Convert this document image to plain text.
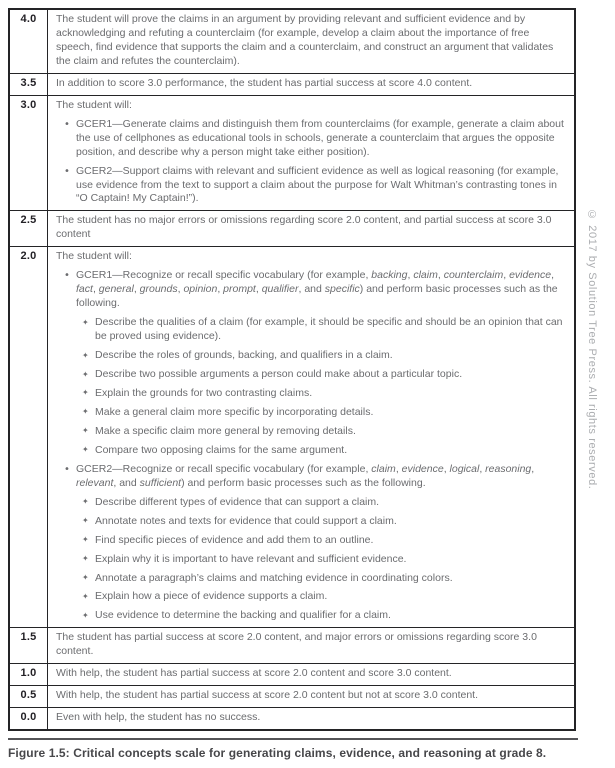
4.0	The student will prove the claims in an argument by providing relevant and sufficient evidence and by acknowledging and refuting a counterclaim (for example, develop a claim about the importance of free speech, find evidence that supports the claim and a counterclaim, and construct an argument that validates the claim and refutes the counterclaim).
3.5	In addition to score 3.0 performance, the student has partial success at score 4.0 content.
3.0	The student will:
• GCER1—Generate claims and distinguish them from counterclaims (for example, generate a claim about the use of cellphones as educational tools in schools, generate a counterclaim that argues the opposite position, and describe why a person might take either position).
• GCER2—Support claims with relevant and sufficient evidence as well as logical reasoning (for example, use evidence from the text to support a claim about the purpose for Walt Whitman’s contrasting tones in “O Captain! My Captain!”).
2.5	The student has no major errors or omissions regarding score 2.0 content, and partial success at score 3.0 content
2.0	The student will:
• GCER1—Recognize or recall specific vocabulary (for example, backing, claim, counterclaim, evidence, fact, general, grounds, opinion, prompt, qualifier, and specific) and perform basic processes such as the following.
✦ Describe the qualities of a claim (for example, it should be specific and should be an opinion that can be proved using evidence).
✦ Describe the roles of grounds, backing, and qualifiers in a claim.
✦ Describe two possible arguments a person could make about a particular topic.
✦ Explain the grounds for two contrasting claims.
✦ Make a general claim more specific by incorporating details.
✦ Make a specific claim more general by removing details.
✦ Compare two opposing claims for the same argument.
• GCER2—Recognize or recall specific vocabulary (for example, claim, evidence, logical, reasoning, relevant, and sufficient) and perform basic processes such as the following.
✦ Describe different types of evidence that can support a claim.
✦ Annotate notes and texts for evidence that could support a claim.
✦ Find specific pieces of evidence and add them to an outline.
✦ Explain why it is important to have relevant and sufficient evidence.
✦ Annotate a paragraph’s claims and matching evidence in coordinating colors.
✦ Explain how a piece of evidence supports a claim.
✦ Use evidence to determine the backing and qualifier for a claim.
1.5	The student has partial success at score 2.0 content, and major errors or omissions regarding score 3.0 content.
1.0	With help, the student has partial success at score 2.0 content and score 3.0 content.
0.5	With help, the student has partial success at score 2.0 content but not at score 3.0 content.
0.0	Even with help, the student has no success.
© 2017 by Solution Tree Press. All rights reserved.
Figure 1.5: Critical concepts scale for generating claims, evidence, and reasoning at grade 8.
